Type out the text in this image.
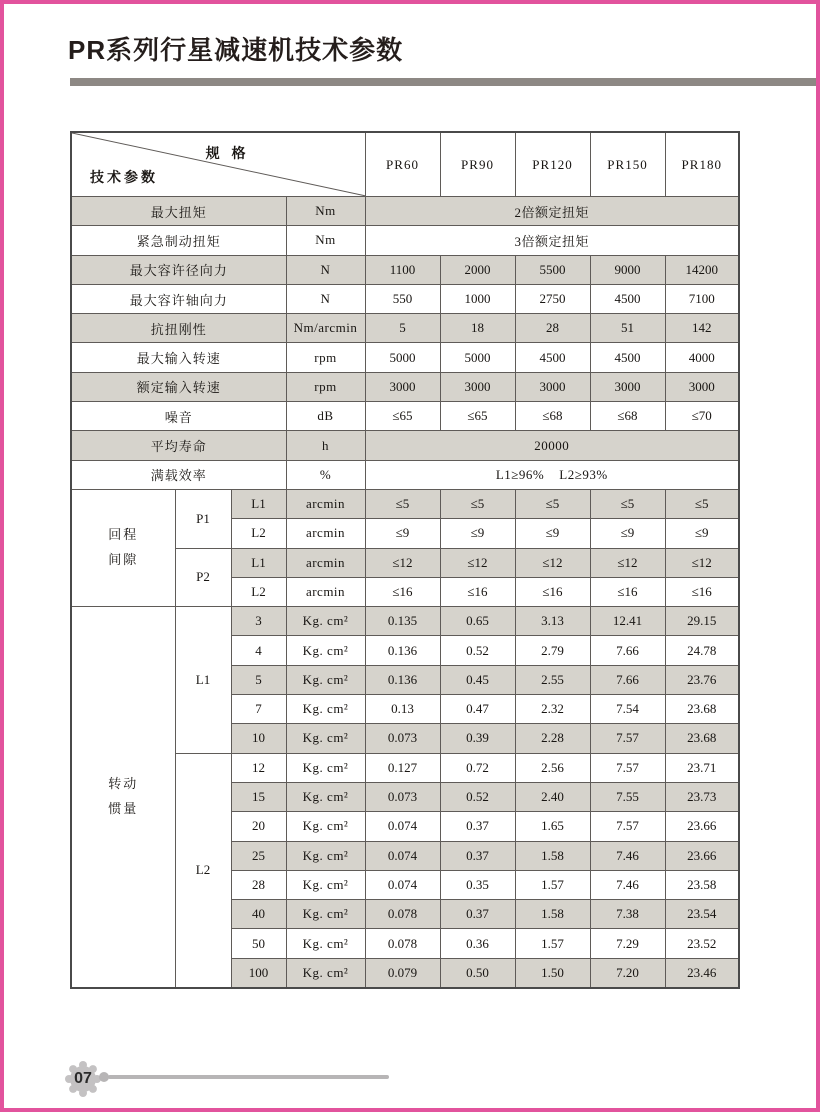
PR系列行星减速机技术参数
规 格
技术参数				PR60	PR90	PR120	PR150	PR180
最大扭矩			Nm	2倍额定扭矩				
紧急制动扭矩			Nm	3倍额定扭矩				
最大容许径向力			N	1100	2000	5500	9000	14200
最大容许轴向力			N	550	1000	2750	4500	7100
抗扭刚性			Nm/arcmin	5	18	28	51	142
最大输入转速			rpm	5000	5000	4500	4500	4000
额定输入转速			rpm	3000	3000	3000	3000	3000
噪音			dB	≤65	≤65	≤68	≤68	≤70
平均寿命			h	20000				
满载效率			%	L1≥96%    L2≥93%				
回程
间隙	P1	L1	arcmin	≤5	≤5	≤5	≤5	≤5
		L2	arcmin	≤9	≤9	≤9	≤9	≤9
	P2	L1	arcmin	≤12	≤12	≤12	≤12	≤12
		L2	arcmin	≤16	≤16	≤16	≤16	≤16
转动
惯量	L1	3	Kg. cm²	0.135	0.65	3.13	12.41	29.15
		4	Kg. cm²	0.136	0.52	2.79	7.66	24.78
		5	Kg. cm²	0.136	0.45	2.55	7.66	23.76
		7	Kg. cm²	0.13	0.47	2.32	7.54	23.68
		10	Kg. cm²	0.073	0.39	2.28	7.57	23.68
	L2	12	Kg. cm²	0.127	0.72	2.56	7.57	23.71
		15	Kg. cm²	0.073	0.52	2.40	7.55	23.73
		20	Kg. cm²	0.074	0.37	1.65	7.57	23.66
		25	Kg. cm²	0.074	0.37	1.58	7.46	23.66
		28	Kg. cm²	0.074	0.35	1.57	7.46	23.58
		40	Kg. cm²	0.078	0.37	1.58	7.38	23.54
		50	Kg. cm²	0.078	0.36	1.57	7.29	23.52
		100	Kg. cm²	0.079	0.50	1.50	7.20	23.46
07
